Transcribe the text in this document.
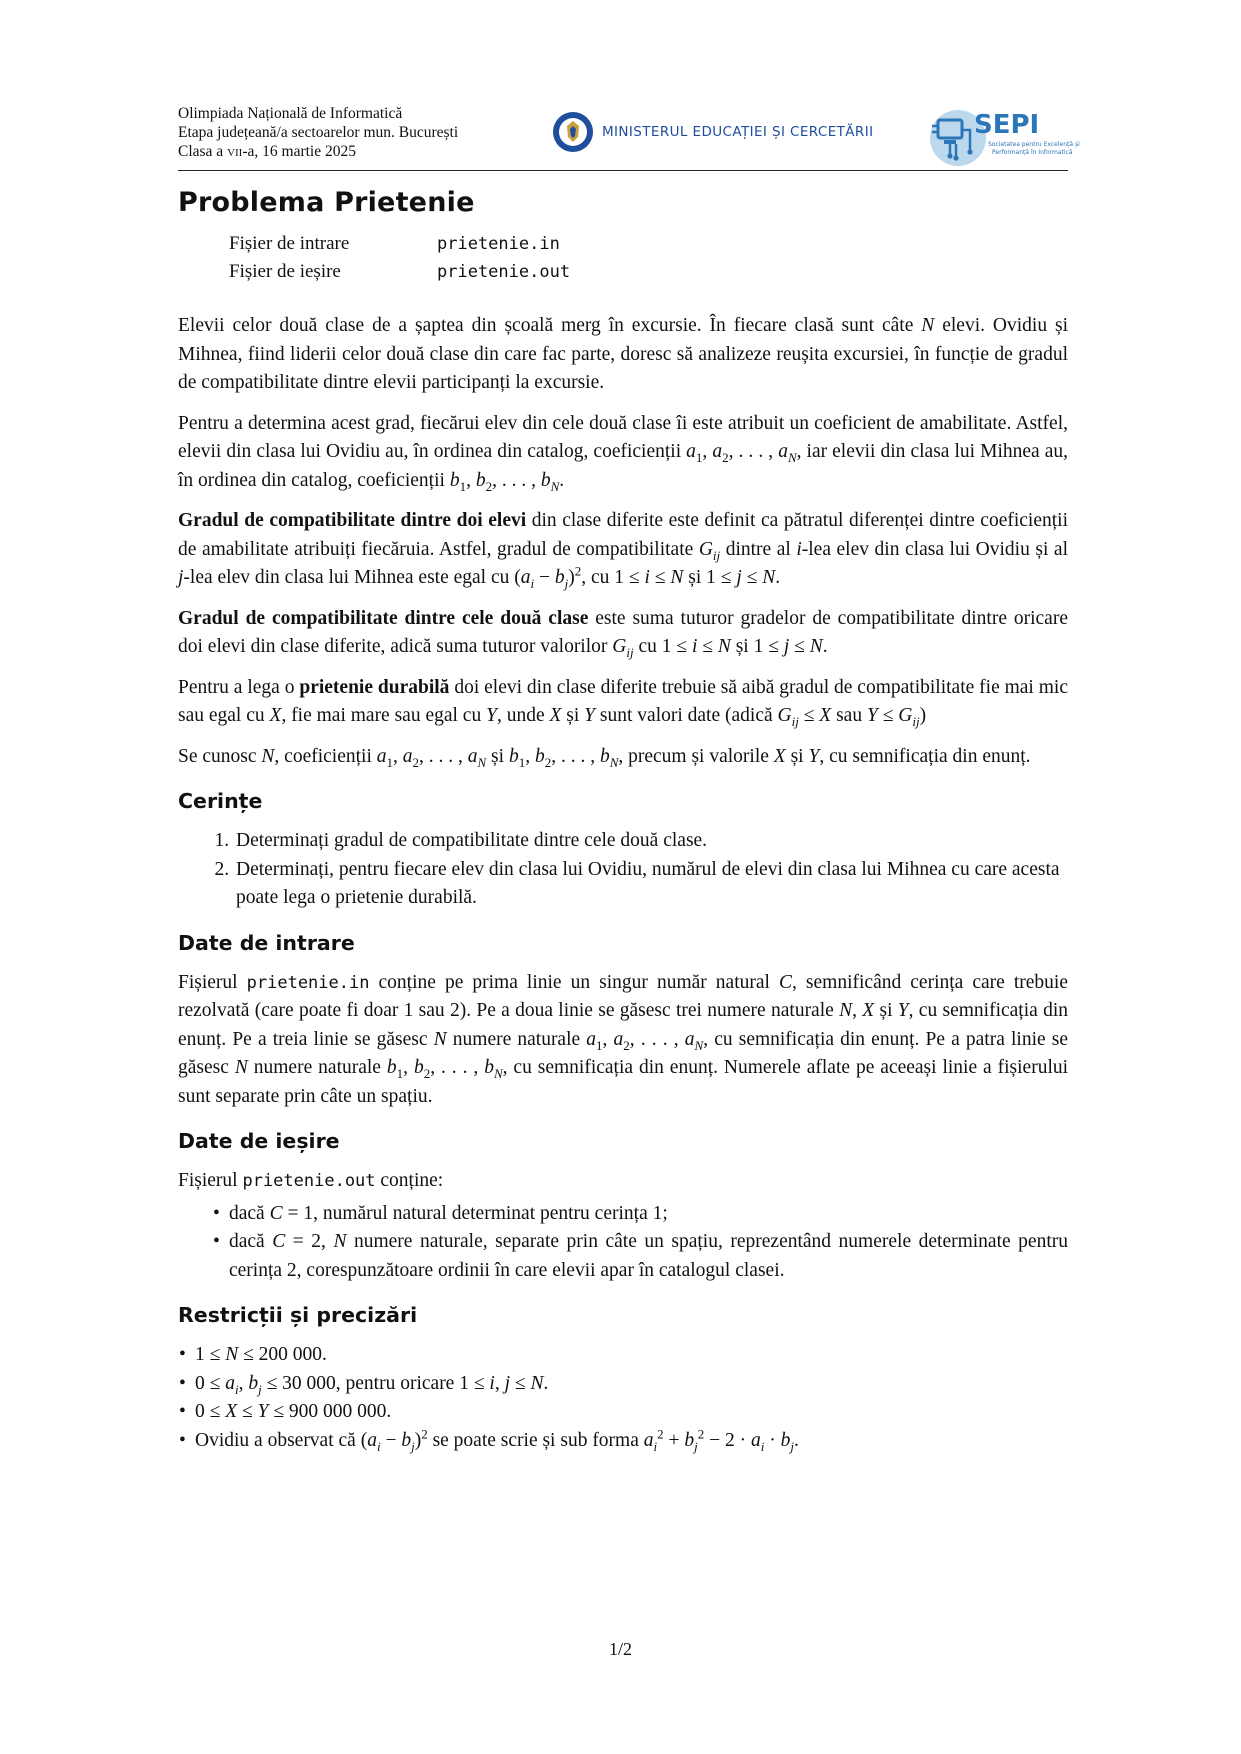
Olimpiada Națională de Informatică
Etapa județeană/a sectoarelor mun. București
Clasa a vii-a, 16 martie 2025
MINISTERUL EDUCAȚIEI ȘI CERCETĂRII	SEPI
Societatea pentru Excelență și
Performanță în Informatică
Problema Prietenie
Fișier de intrare	prietenie.in
Fișier de ieșire	prietenie.out

Elevii celor două clase de a șaptea din școală merg în excursie. În fiecare clasă sunt câte N elevi. Ovidiu și Mihnea, fiind liderii celor două clase din care fac parte, doresc să analizeze reușita excursiei, în funcție de gradul de compatibilitate dintre elevii participanți la excursie.

Pentru a determina acest grad, fiecărui elev din cele două clase îi este atribuit un coeficient de amabilitate. Astfel, elevii din clasa lui Ovidiu au, în ordinea din catalog, coeficienții $a_1$, $a_2$, . . . , $a_N$, iar elevii din clasa lui Mihnea au, în ordinea din catalog, coeficienții $b_1$, $b_2$, . . . , $b_N$.

Gradul de compatibilitate dintre doi elevi din clase diferite este definit ca pătratul diferenței dintre coeficienții de amabilitate atribuiți fiecăruia. Astfel, gradul de compatibilitate $G_{ij}$ dintre al i-lea elev din clasa lui Ovidiu și al j-lea elev din clasa lui Mihnea este egal cu $(a_i - b_j)^2$, cu 1 ≤ i ≤ N și 1 ≤ j ≤ N.

Gradul de compatibilitate dintre cele două clase este suma tuturor gradelor de compatibilitate dintre oricare doi elevi din clase diferite, adică suma tuturor valorilor $G_{ij}$ cu 1 ≤ i ≤ N și 1 ≤ j ≤ N.

Pentru a lega o prietenie durabilă doi elevi din clase diferite trebuie să aibă gradul de compatibilitate fie mai mic sau egal cu X, fie mai mare sau egal cu Y, unde X și Y sunt valori date (adică $G_{ij} \le X$ sau $Y \le G_{ij}$)

Se cunosc N, coeficienții $a_1$, $a_2$, . . . , $a_N$ și $b_1$, $b_2$, . . . , $b_N$, precum și valorile X și Y, cu semnificația din enunț.

Cerințe
1. Determinați gradul de compatibilitate dintre cele două clase.
2. Determinați, pentru fiecare elev din clasa lui Ovidiu, numărul de elevi din clasa lui Mihnea cu care acesta poate lega o prietenie durabilă.
Date de intrare

Fișierul prietenie.in conține pe prima linie un singur număr natural C, semnificând cerința care trebuie rezolvată (care poate fi doar 1 sau 2). Pe a doua linie se găsesc trei numere naturale N, X și Y, cu semnificația din enunț. Pe a treia linie se găsesc N numere naturale $a_1$, $a_2$, . . . , $a_N$, cu semnificația din enunț. Pe a patra linie se găsesc N numere naturale $b_1$, $b_2$, . . . , $b_N$, cu semnificația din enunț. Numerele aflate pe aceeași linie a fișierului sunt separate prin câte un spațiu.

Date de ieșire

Fișierul prietenie.out conține:

• dacă C = 1, numărul natural determinat pentru cerința 1;
• dacă C = 2, N numere naturale, separate prin câte un spațiu, reprezentând numerele determinate pentru cerința 2, corespunzătoare ordinii în care elevii apar în catalogul clasei.
Restricții și precizări
• 1 ≤ N ≤ 200 000.
• $0 \le a_i$, $b_j \le 30$ 000, pentru oricare 1 ≤ i, j ≤ N.
• 0 ≤ X ≤ Y ≤ 900 000 000.
• Ovidiu a observat că $(a_i - b_j)^2$ se poate scrie și sub forma $a_i^2 + b_j^2 - 2 \cdot a_i \cdot b_j$.
1/2
